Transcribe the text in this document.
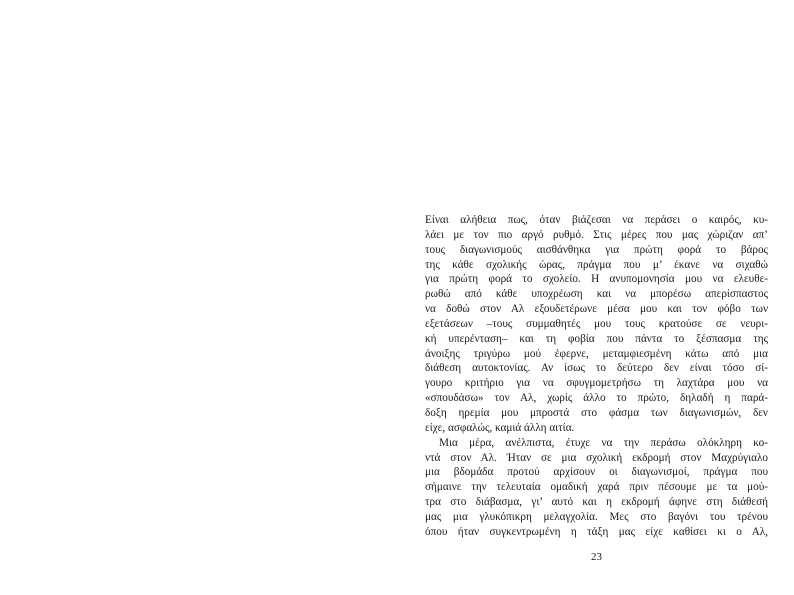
Είναι αλήθεια πως, όταν βιάζεσαι να περάσει ο καιρός, κυ-
λάει με τον πιο αργό ρυθμό. Στις μέρες που μας χώριζαν απ’
τους διαγωνισμούς αισθάνθηκα για πρώτη φορά το βάρος
της κάθε σχολικής ώρας, πράγμα που μ’ έκανε να σιχαθώ
για πρώτη φορά το σχολείο. Η ανυπομονησία μου να ελευθε-
ρωθώ από κάθε υποχρέωση και να μπορέσω απερίσπαστος
να δοθώ στον Αλ εξουδετέρωνε μέσα μου και τον φόβο των
εξετάσεων –τους συμμαθητές μου τους κρατούσε σε νευρι-
κή υπερένταση– και τη φοβία που πάντα το ξέσπασμα της
άνοιξης τριγύρω μού έφερνε, μεταμφιεσμένη κάτω από μια
διάθεση αυτοκτονίας. Αν ίσως το δεύτερο δεν είναι τόσο σί-
γουρο κριτήριο για να σφυγμομετρήσω τη λαχτάρα μου να
«σπουδάσω» τον Αλ, χωρίς άλλο το πρώτο, δηλαδή η παρά-
δοξη ηρεμία μου μπροστά στο φάσμα των διαγωνισμών, δεν
είχε, ασφαλώς, καμιά άλλη αιτία.

Μια μέρα, ανέλπιστα, έτυχε να την περάσω ολόκληρη κο-
ντά στον Αλ. Ήταν σε μια σχολική εκδρομή στον Μαχρύγιαλο
μια βδομάδα προτού αρχίσουν οι διαγωνισμοί, πράγμα που
σήμαινε την τελευταία ομαδική χαρά πριν πέσουμε με τα μού-
τρα στο διάβασμα, γι’ αυτό και η εκδρομή άφηνε στη διάθεσή
μας μια γλυκόπικρη μελαγχολία. Μες στο βαγόνι του τρένου
όπου ήταν συγκεντρωμένη η τάξη μας είχε καθίσει κι ο Αλ,

23
